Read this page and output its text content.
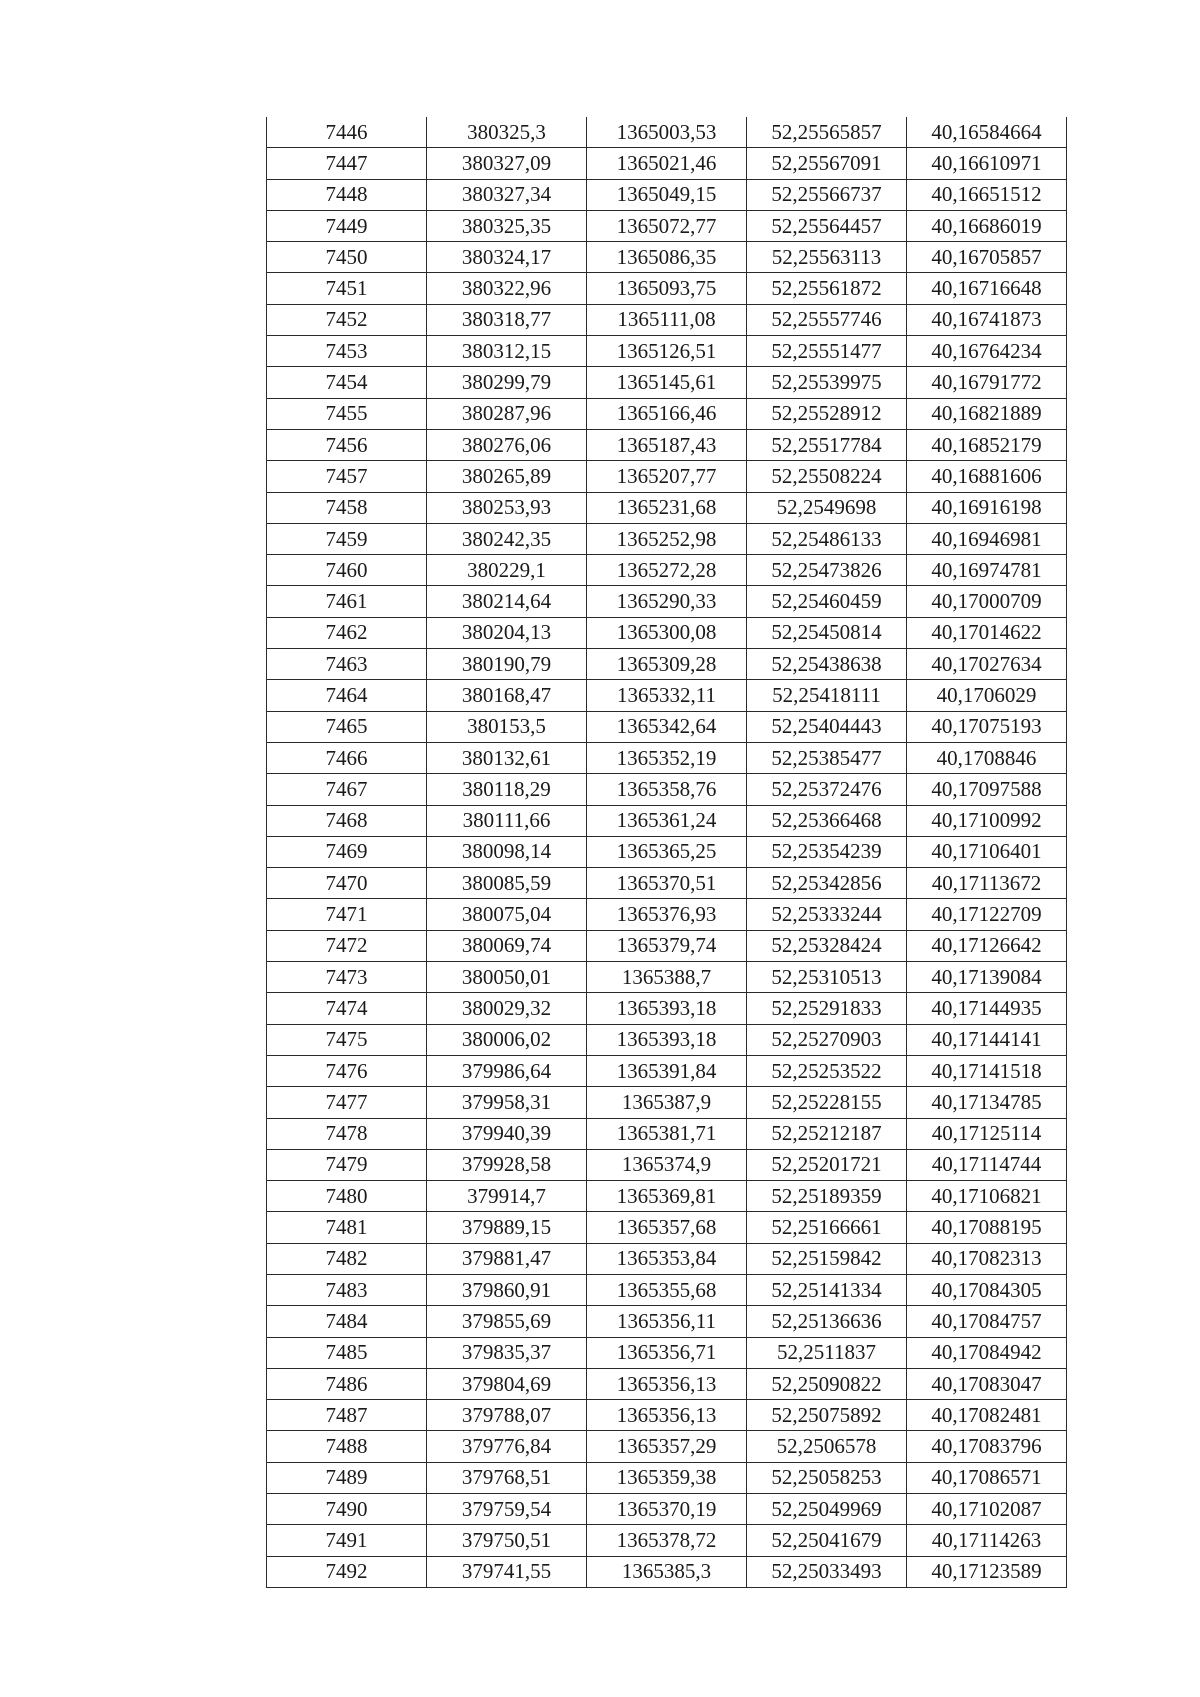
7446	380325,3	1365003,53	52,25565857	40,16584664
7447	380327,09	1365021,46	52,25567091	40,16610971
7448	380327,34	1365049,15	52,25566737	40,16651512
7449	380325,35	1365072,77	52,25564457	40,16686019
7450	380324,17	1365086,35	52,25563113	40,16705857
7451	380322,96	1365093,75	52,25561872	40,16716648
7452	380318,77	1365111,08	52,25557746	40,16741873
7453	380312,15	1365126,51	52,25551477	40,16764234
7454	380299,79	1365145,61	52,25539975	40,16791772
7455	380287,96	1365166,46	52,25528912	40,16821889
7456	380276,06	1365187,43	52,25517784	40,16852179
7457	380265,89	1365207,77	52,25508224	40,16881606
7458	380253,93	1365231,68	52,2549698	40,16916198
7459	380242,35	1365252,98	52,25486133	40,16946981
7460	380229,1	1365272,28	52,25473826	40,16974781
7461	380214,64	1365290,33	52,25460459	40,17000709
7462	380204,13	1365300,08	52,25450814	40,17014622
7463	380190,79	1365309,28	52,25438638	40,17027634
7464	380168,47	1365332,11	52,25418111	40,1706029
7465	380153,5	1365342,64	52,25404443	40,17075193
7466	380132,61	1365352,19	52,25385477	40,1708846
7467	380118,29	1365358,76	52,25372476	40,17097588
7468	380111,66	1365361,24	52,25366468	40,17100992
7469	380098,14	1365365,25	52,25354239	40,17106401
7470	380085,59	1365370,51	52,25342856	40,17113672
7471	380075,04	1365376,93	52,25333244	40,17122709
7472	380069,74	1365379,74	52,25328424	40,17126642
7473	380050,01	1365388,7	52,25310513	40,17139084
7474	380029,32	1365393,18	52,25291833	40,17144935
7475	380006,02	1365393,18	52,25270903	40,17144141
7476	379986,64	1365391,84	52,25253522	40,17141518
7477	379958,31	1365387,9	52,25228155	40,17134785
7478	379940,39	1365381,71	52,25212187	40,17125114
7479	379928,58	1365374,9	52,25201721	40,17114744
7480	379914,7	1365369,81	52,25189359	40,17106821
7481	379889,15	1365357,68	52,25166661	40,17088195
7482	379881,47	1365353,84	52,25159842	40,17082313
7483	379860,91	1365355,68	52,25141334	40,17084305
7484	379855,69	1365356,11	52,25136636	40,17084757
7485	379835,37	1365356,71	52,2511837	40,17084942
7486	379804,69	1365356,13	52,25090822	40,17083047
7487	379788,07	1365356,13	52,25075892	40,17082481
7488	379776,84	1365357,29	52,2506578	40,17083796
7489	379768,51	1365359,38	52,25058253	40,17086571
7490	379759,54	1365370,19	52,25049969	40,17102087
7491	379750,51	1365378,72	52,25041679	40,17114263
7492	379741,55	1365385,3	52,25033493	40,17123589
